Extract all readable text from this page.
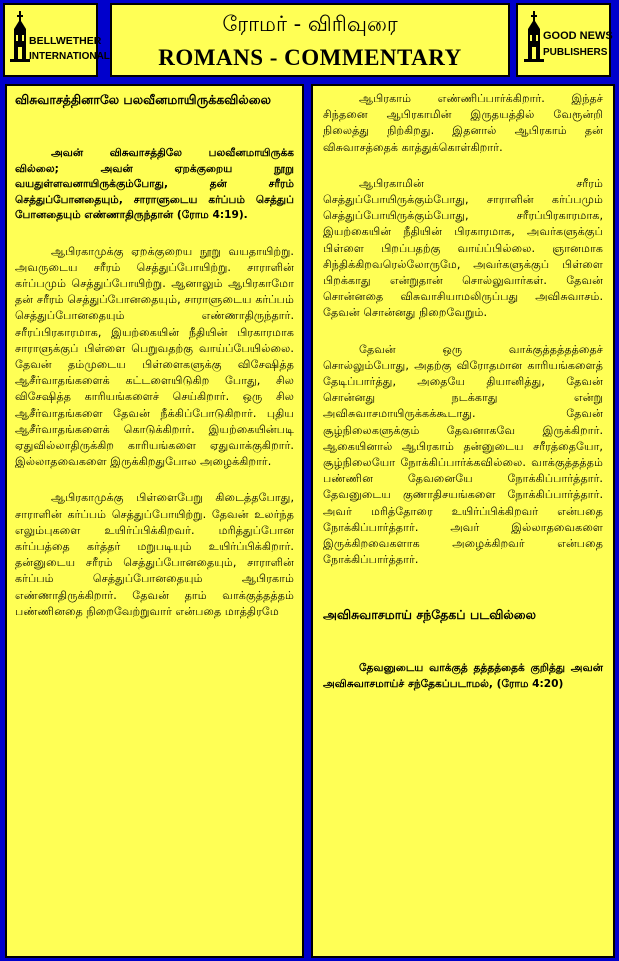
BELLWETHER
INTERNATIONAL
ரோமர் - விரிவுரை
ROMANS - COMMENTARY
GOOD NEWS
PUBLISHERS
விசுவாசத்தினாலே பலவீனமாயிருக்கவில்லை
அவன் விசுவாசத்திலே பலவீனமாயிருக்க வில்லை; அவன் ஏறக்குறைய நூறு வயதுள்ளவனாயிருக்கும்போது, தன் சரீரம் செத்துப்போனதையும், சாராளுடைய கர்ப்பம் செத்துப் போனதையும் எண்ணாதிருந்தான் (ரோம 4:19).
ஆபிரகாமுக்கு ஏறக்குறைய நூறு வயதாயிற்று. அவருடைய சரீரம் செத்துப்போயிற்று. சாராளின் கர்ப்பமும் செத்துப்போயிற்று. ஆனாலும் ஆபிரகாமோ தன் சரீரம் செத்துப்போனதையும், சாராளுடைய கர்ப்பம் செத்துப்போனதையும் எண்ணாதிருந்தார். சரீரப்பிரகாரமாக, இயற்கையின் நீதியின் பிரகாரமாக சாராளுக்குப் பிள்ளை பெறுவதற்கு வாய்ப்பேயில்லை. தேவன் தம்முடைய பிள்ளைகளுக்கு விசேஷித்த ஆசீர்வாதங்களைக் கட்டளையிடுகிற போது, சில விசேஷித்த காரியங்களைச் செய்கிறார். ஒரு சில ஆசீர்வாதங்களை தேவன் நீக்கிப்போடுகிறார். புதிய ஆசீர்வாதங்களைக் கொடுக்கிறார். இயற்கையின்படி ஏதுவில்லாதிருக்கிற காரியங்களை ஏதுவாக்குகிறார். இல்லாதவைகளை இருக்கிறதுபோல அழைக்கிறார்.
ஆபிரகாமுக்கு பிள்ளைபேறு கிடைத்தபோது, சாராளின் கர்ப்பம் செத்துப்போயிற்று. தேவன் உலர்ந்த எலும்புகளை உயிர்ப்பிக்கிறவர். மரித்துப்போன கர்ப்பத்தை கர்த்தர் மறுபடியும் உயிர்ப்பிக்கிறார். தன்னுடைய சரீரம் செத்துப்போனதையும், சாராளின் கர்ப்பம் செத்துப்போனதையும் ஆபிரகாம் எண்ணாதிருக்கிறார். தேவன் தாம் வாக்குத்தத்தம் பண்ணினதை நிறைவேற்றுவார் என்பதை மாத்திரமே
ஆபிரகாம் எண்ணிப்பார்க்கிறார். இந்தச் சிந்தனை ஆபிரகாமின் இருதயத்தில் வேரூன்றி நிலைத்து நிற்கிறது. இதனால் ஆபிரகாம் தன் விசுவாசத்தைக் காத்துக்கொள்கிறார்.
ஆபிரகாமின் சரீரம் செத்துப்போயிருக்கும்போது, சாராளின் கர்ப்பமும் செத்துப்போயிருக்கும்போது, சரீரப்பிரகாரமாக, இயற்கையின் நீதியின் பிரகாரமாக, அவர்களுக்குப் பிள்ளை பிறப்பதற்கு வாய்ப்பில்லை. ஞானமாக சிந்திக்கிறவரெல்லோருமே, அவர்களுக்குப் பிள்ளை பிறக்காது என்றுதான் சொல்லுவார்கள். தேவன் சொன்னதை விசுவாசியாமலிருப்பது அவிசுவாசம். தேவன் சொன்னது நிறைவேறும்.
தேவன் ஒரு வாக்குத்தத்தத்தைச் சொல்லும்போது, அதற்கு விரோதமான காரியங்களைத் தேடிப்பார்த்து, அதையே தியானித்து, தேவன் சொன்னது நடக்காது என்று அவிசுவாசமாயிருக்கக்கூடாது. தேவன் சூழ்நிலைகளுக்கும் தேவனாகவே இருக்கிறார். ஆகையினால் ஆபிரகாம் தன்னுடைய சரீரத்தையோ, சூழ்நிலையோ நோக்கிப்பார்க்கவில்லை. வாக்குத்தத்தம் பண்ணின தேவனையே நோக்கிப்பார்த்தார். தேவனுடைய குணாதிசயங்களை நோக்கிப்பார்த்தார். அவர் மரித்தோரை உயிர்ப்பிக்கிறவர் என்பதை நோக்கிப்பார்த்தார். அவர் இல்லாதவைகளை இருக்கிறவைகளாக அழைக்கிறவர் என்பதை நோக்கிப்பார்த்தார்.
அவிசுவாசமாய் சந்தேகப் படவில்லை
தேவனுடைய வாக்குத் தத்தத்தைக் குறித்து அவன் அவிசுவாசமாய்ச் சந்தேகப்படாமல், (ரோம 4:20)
